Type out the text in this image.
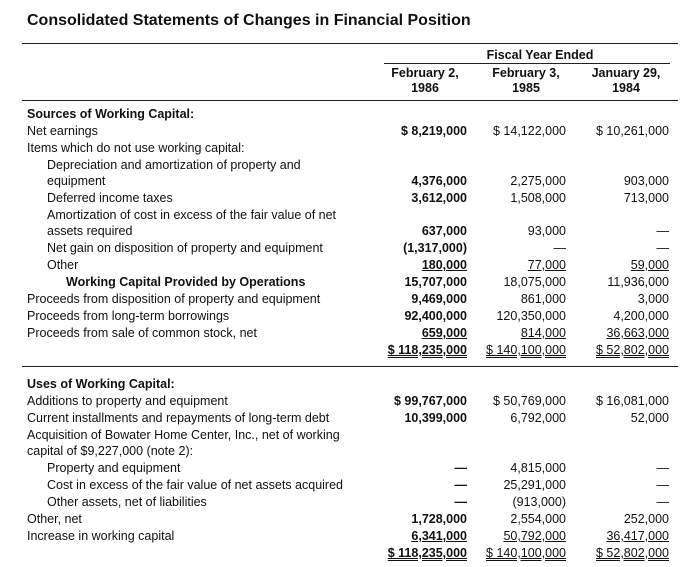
Consolidated Statements of Changes in Financial Position
Fiscal Year Ended
February 2,
1986
February 3,
1985
January 29,
1984
Sources of Working Capital:
Net earnings	$ 8,219,000	$ 14,122,000	$ 10,261,000
Items which do not use working capital:
Depreciation and amortization of property and
equipment	4,376,000	2,275,000	903,000
Deferred income taxes	3,612,000	1,508,000	713,000
Amortization of cost in excess of the fair value of net
assets required	637,000	93,000	—
Net gain on disposition of property and equipment	(1,317,000)	—	—
Other	180,000	77,000	59,000
Working Capital Provided by Operations	15,707,000	18,075,000	11,936,000
Proceeds from disposition of property and equipment	9,469,000	861,000	3,000
Proceeds from long-term borrowings	92,400,000	120,350,000	4,200,000
Proceeds from sale of common stock, net	659,000	814,000	36,663,000
$ 118,235,000	$ 140,100,000	$ 52,802,000
Uses of Working Capital:
Additions to property and equipment	$ 99,767,000	$ 50,769,000	$ 16,081,000
Current installments and repayments of long-term debt	10,399,000	6,792,000	52,000
Acquisition of Bowater Home Center, Inc., net of working
capital of $9,227,000 (note 2):
Property and equipment	—	4,815,000	—
Cost in excess of the fair value of net assets acquired	—	25,291,000	—
Other assets, net of liabilities	—	(913,000)	—
Other, net	1,728,000	2,554,000	252,000
Increase in working capital	6,341,000	50,792,000	36,417,000
$ 118,235,000	$ 140,100,000	$ 52,802,000
